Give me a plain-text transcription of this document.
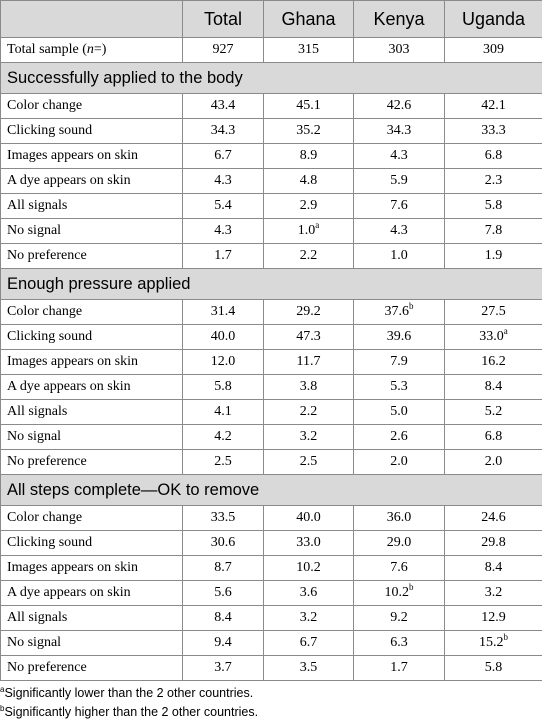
	Total	Ghana	Kenya	Uganda
Total sample (n=)	927	315	303	309
Successfully applied to the body				
Color change	43.4	45.1	42.6	42.1
Clicking sound	34.3	35.2	34.3	33.3
Images appears on skin	6.7	8.9	4.3	6.8
A dye appears on skin	4.3	4.8	5.9	2.3
All signals	5.4	2.9	7.6	5.8
No signal	4.3	1.0$^a$	4.3	7.8
No preference	1.7	2.2	1.0	1.9
Enough pressure applied				
Color change	31.4	29.2	37.6$^b$	27.5
Clicking sound	40.0	47.3	39.6	33.0$^a$
Images appears on skin	12.0	11.7	7.9	16.2
A dye appears on skin	5.8	3.8	5.3	8.4
All signals	4.1	2.2	5.0	5.2
No signal	4.2	3.2	2.6	6.8
No preference	2.5	2.5	2.0	2.0
All steps complete—OK to remove				
Color change	33.5	40.0	36.0	24.6
Clicking sound	30.6	33.0	29.0	29.8
Images appears on skin	8.7	10.2	7.6	8.4
A dye appears on skin	5.6	3.6	10.2$^b$	3.2
All signals	8.4	3.2	9.2	12.9
No signal	9.4	6.7	6.3	15.2$^b$
No preference	3.7	3.5	1.7	5.8
$^a$Significantly lower than the 2 other countries.
$^b$Significantly higher than the 2 other countries.
